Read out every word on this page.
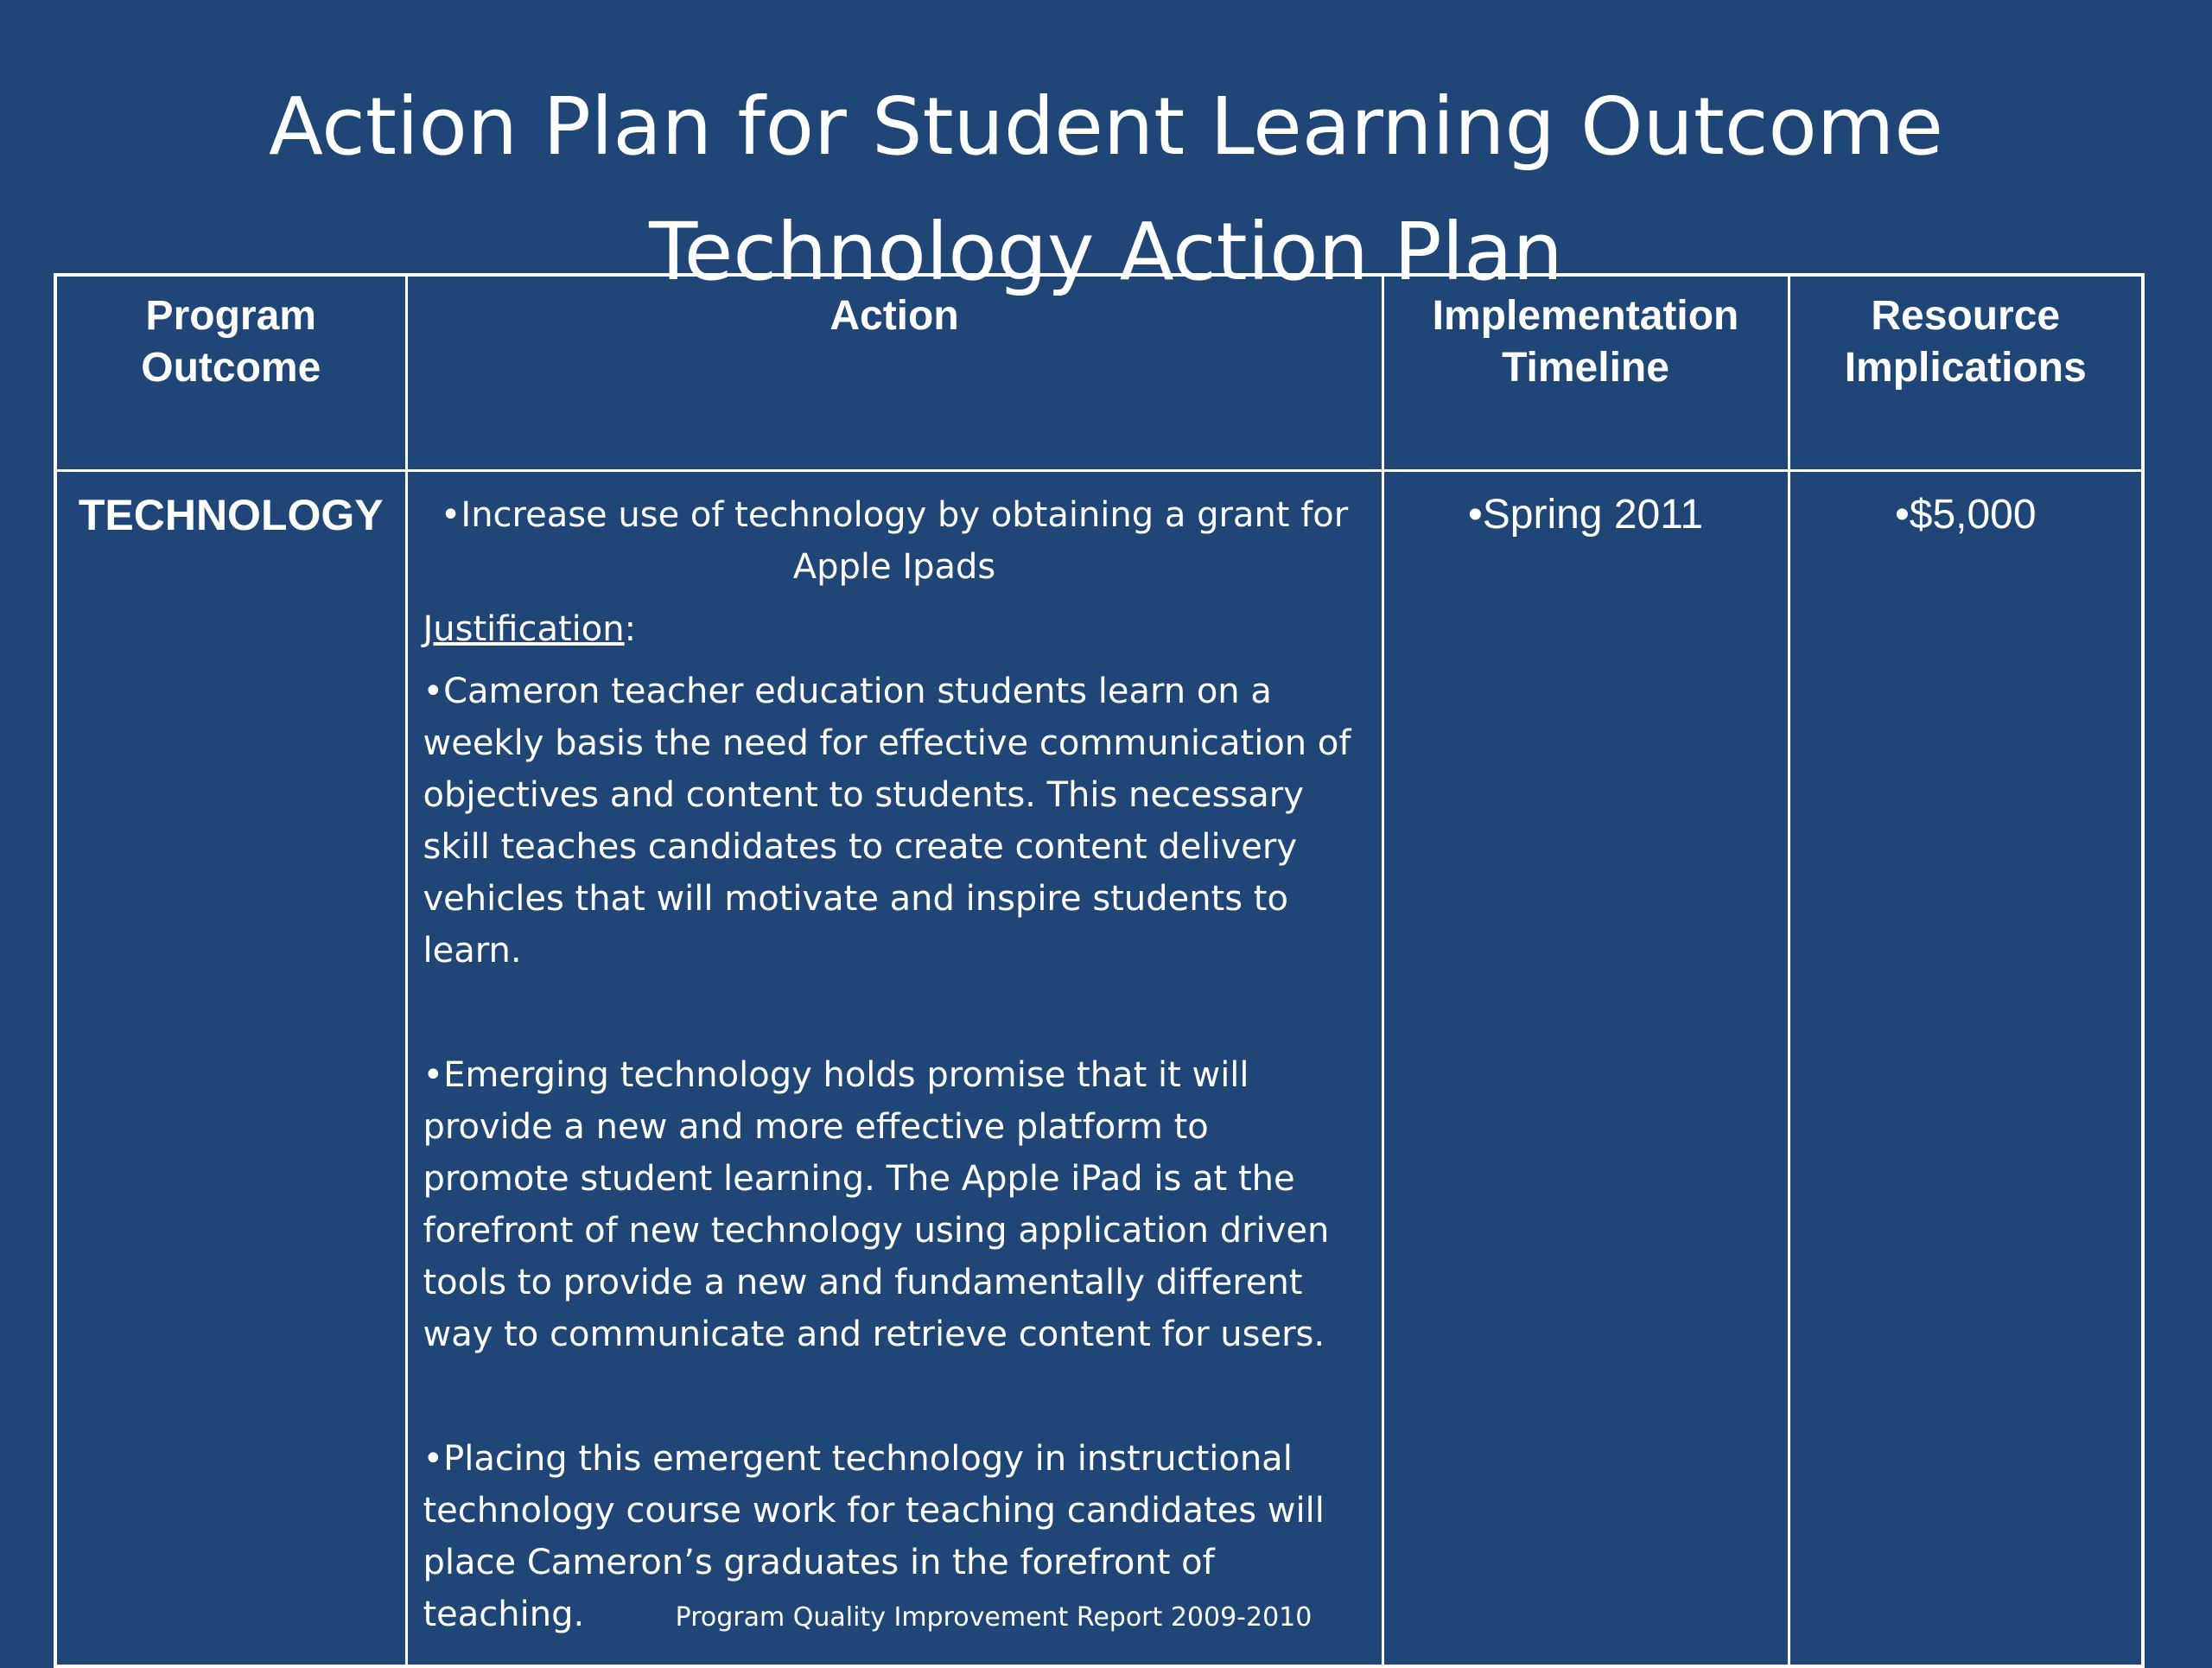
Action Plan for Student Learning Outcome
Technology Action Plan
Program Outcome	Action	Implementation Timeline	Resource Implications

TECHNOLOGY	•Increase use of technology by obtaining a grant for Apple Ipads

Justification:

•Cameron teacher education students learn on a weekly basis the need for effective communication of objectives and content to students. This necessary skill teaches candidates to create content delivery vehicles that will motivate and inspire students to learn.

•Emerging technology holds promise that it will provide a new and more effective platform to promote student learning. The Apple iPad is at the forefront of new technology using application driven tools to provide a new and fundamentally different way to communicate and retrieve content for users.

•Placing this emergent technology in instructional technology course work for teaching candidates will place Cameron’s graduates in the forefront of teaching.	•Spring 2011	•$5,000
Program Quality Improvement Report 2009-2010
